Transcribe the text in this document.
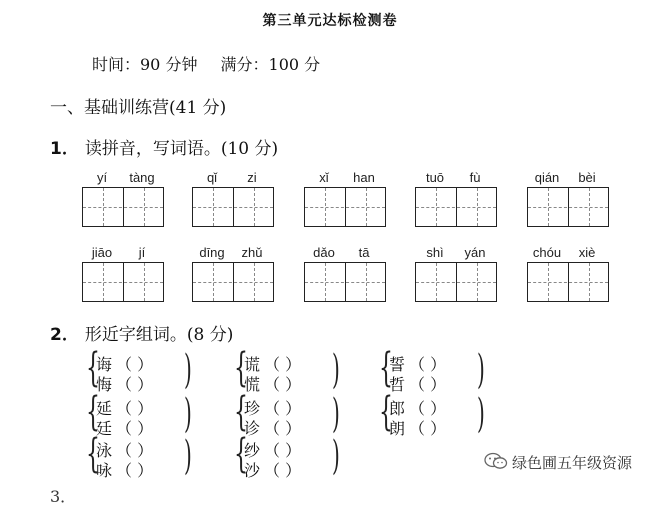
第三单元达标检测卷
时间：90 分钟 满分：100 分
一、基础训练营(41 分)
1． 读拼音，写词语。(10 分)
yí tàng	qǐ zi	xǐ han	tuō fù	qián bèi
jiāo jí	dīng zhǔ	dǎo tā	shì yán	chóu xiè
2． 形近字组词。(8 分)
{
诲 （ ）
悔 （ ） ) {
谎 （ ）
慌 （ ） ) {
誓 （ ）
哲 （ ） )
{
延 （ ）
廷 （ ） ) {
珍 （ ）
诊 （ ） ) {
郎 （ ）
朗 （ ） )
{
泳 （ ）
咏 （ ） ) {
纱 （ ）
沙 （ ） )
3．
绿色圃五年级资源
